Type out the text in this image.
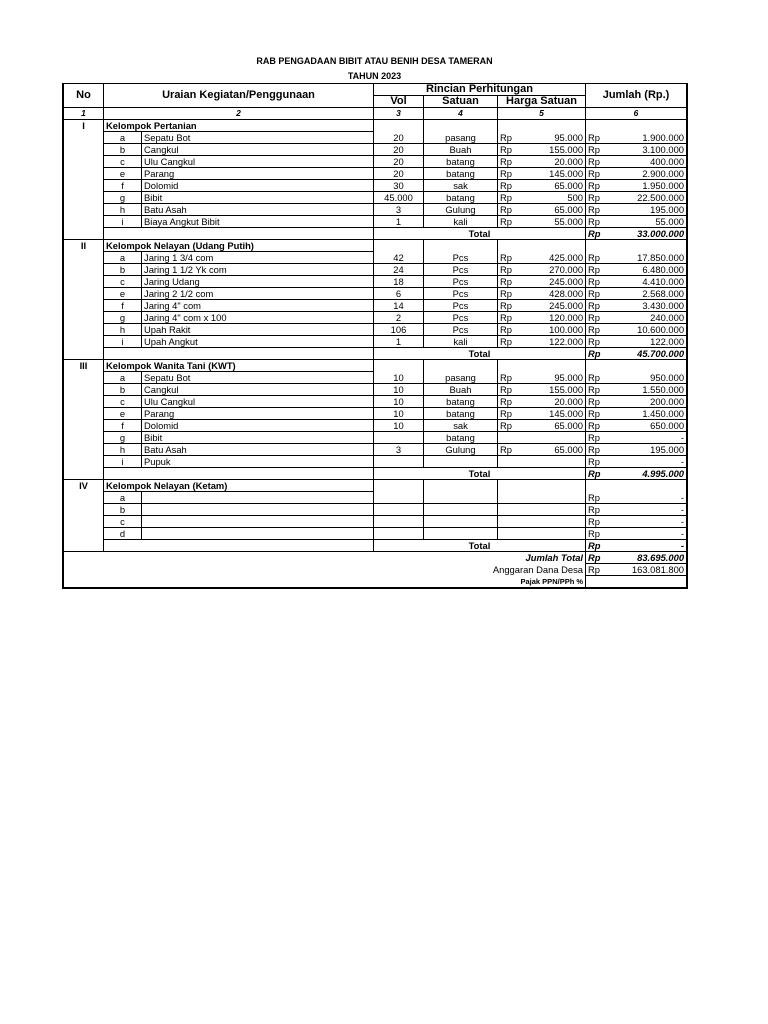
RAB PENGADAAN BIBIT ATAU BENIH DESA TAMERAN
TAHUN 2023
No	Uraian Kegiatan/Penggunaan		Rincian Perhitungan				Jumlah (Rp.)	
			Vol	Satuan	Harga Satuan			
1	2		3	4	5		6	
I	Kelompok Pertanian							
	a	Sepatu Bot	20	pasang	Rp	95.000	Rp	1.900.000
	b	Cangkul	20	Buah	Rp	155.000	Rp	3.100.000
	c	Ulu Cangkul	20	batang	Rp	20.000	Rp	400.000
	e	Parang	20	batang	Rp	145.000	Rp	2.900.000
	f	Dolomid	30	sak	Rp	65.000	Rp	1.950.000
	g	Bibit	45.000	batang	Rp	500	Rp	22.500.000
	h	Batu Asah	3	Gulung	Rp	65.000	Rp	195.000
	i	Biaya Angkut Bibit	1	kali	Rp	55.000	Rp	55.000
			Total				Rp	33.000.000
II	Kelompok Nelayan (Udang Putih)							
	a	Jaring 1 3/4 com	42	Pcs	Rp	425.000	Rp	17.850.000
	b	Jaring 1 1/2 Yk com	24	Pcs	Rp	270.000	Rp	6.480.000
	c	Jaring Udang	18	Pcs	Rp	245.000	Rp	4.410.000
	e	Jaring 2 1/2 com	6	Pcs	Rp	428.000	Rp	2.568.000
	f	Jaring 4" com	14	Pcs	Rp	245.000	Rp	3.430.000
	g	Jaring 4" com x 100	2	Pcs	Rp	120.000	Rp	240.000
	h	Upah Rakit	106	Pcs	Rp	100.000	Rp	10.600.000
	i	Upah Angkut	1	kali	Rp	122.000	Rp	122.000
			Total				Rp	45.700.000
III	Kelompok Wanita Tani (KWT)							
	a	Sepatu Bot	10	pasang	Rp	95.000	Rp	950.000
	b	Cangkul	10	Buah	Rp	155.000	Rp	1.550.000
	c	Ulu Cangkul	10	batang	Rp	20.000	Rp	200.000
	e	Parang	10	batang	Rp	145.000	Rp	1.450.000
	f	Dolomid	10	sak	Rp	65.000	Rp	650.000
	g	Bibit		batang			Rp	-
	h	Batu Asah	3	Gulung	Rp	65.000	Rp	195.000
	i	Pupuk					Rp	-
			Total				Rp	4.995.000
IV	Kelompok Nelayan (Ketam)							
	a						Rp	-
	b						Rp	-
	c						Rp	-
	d						Rp	-
			Total				Rp	-
Jumlah Total							Rp	83.695.000
Anggaran Dana Desa							Rp	163.081.800
Pajak PPN/PPh %								
